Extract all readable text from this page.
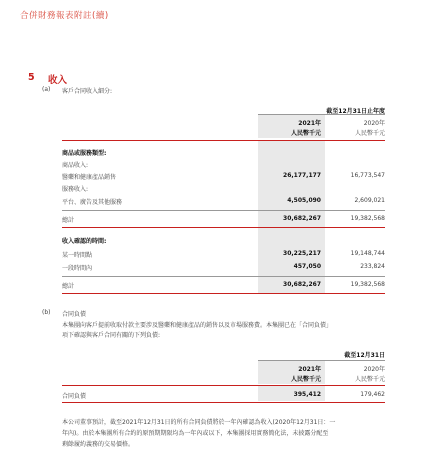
合併財務報表附註(續)
5 收入
(a) 客戶合同收入細分:
截至12月31日止年度
2021年	2020年
人民幣千元	人民幣千元
商品或服務類型:
商品收入:
醫藥和健康產品銷售	26,177,177	16,773,547
服務收入:
平台、廣告及其他服務	4,505,090	2,609,021
總計	30,682,267	19,382,568
收入確認的時間:
某一時間點	30,225,217	19,148,744
一段時間內	457,050	233,824
總計	30,682,267	19,382,568
(b) 合同負債
本集團向客戶提前收取付款主要涉及醫藥和健康產品的銷售以及市場服務費。本集團已在「合同負債」
項下確認與客戶合同有關的下列負債:
截至12月31日
2021年	2020年
人民幣千元	人民幣千元
合同負債	395,412	179,462
本公司董事預計，截至2021年12月31日的所有合同負債將於一年內確認為收入(2020年12月31日：一
年內)。由於本集團所有合約的原預期期限均為一年內或以下，本集團採用實務簡化法，未披露分配至
剩餘履約義務的交易價格。
